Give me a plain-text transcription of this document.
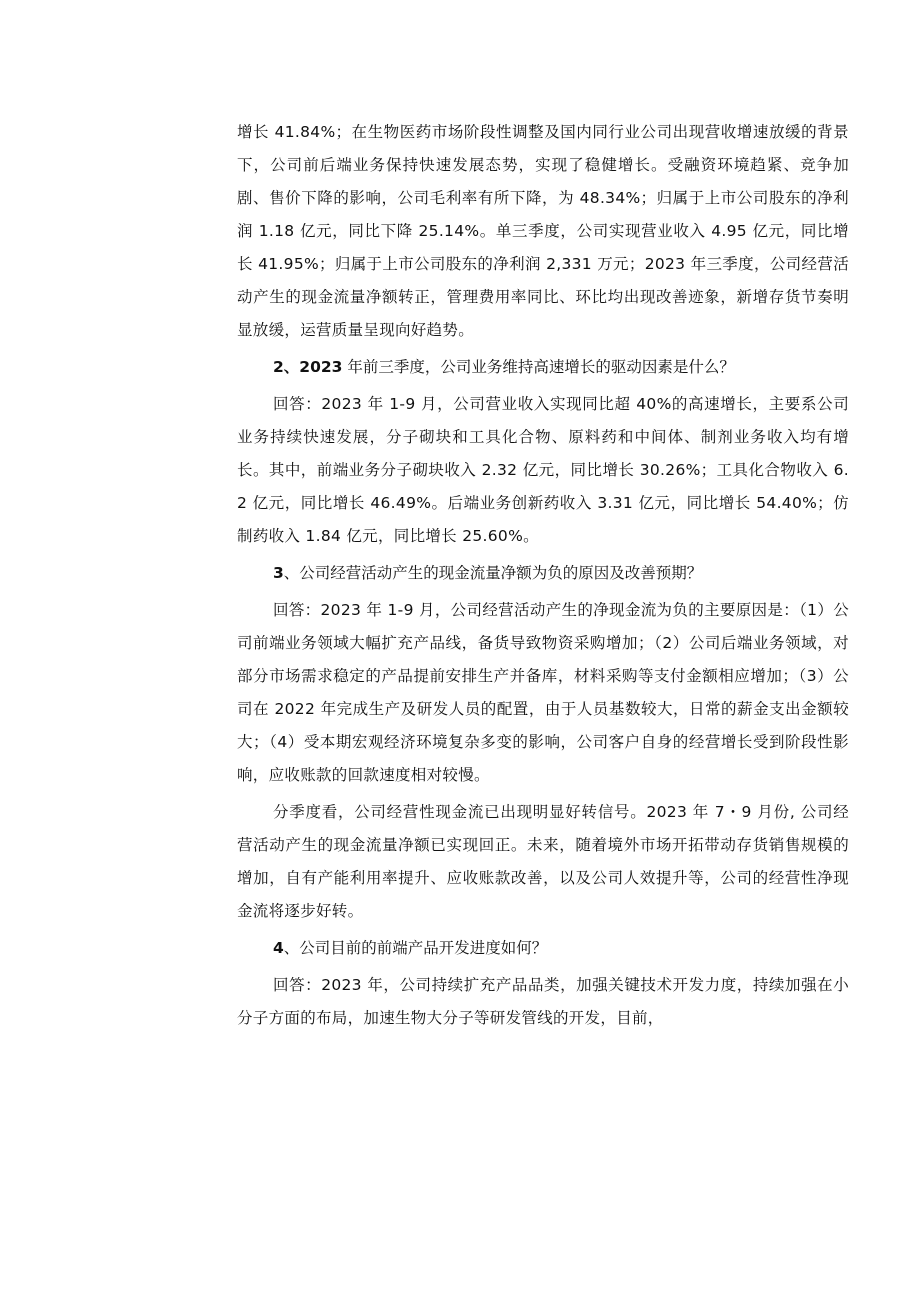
增长 41.84%；在生物医药市场阶段性调整及国内同行业公司出现营收增速放缓的背景下，公司前后端业务保持快速发展态势，实现了稳健增长。受融资环境趋紧、竞争加剧、售价下降的影响，公司毛利率有所下降，为 48.34%；归属于上市公司股东的净利润 1.18 亿元，同比下降 25.14%。单三季度，公司实现营业收入 4.95 亿元，同比增长 41.95%；归属于上市公司股东的净利润 2,331 万元；2023 年三季度，公司经营活动产生的现金流量净额转正，管理费用率同比、环比均出现改善迹象，新增存货节奏明显放缓，运营质量呈现向好趋势。

2、2023 年前三季度，公司业务维持高速增长的驱动因素是什么？

回答：2023 年 1-9 月，公司营业收入实现同比超 40%的高速增长，主要系公司业务持续快速发展，分子砌块和工具化合物、原料药和中间体、制剂业务收入均有增长。其中，前端业务分子砌块收入 2.32 亿元，同比增长 30.26%；工具化合物收入 6.2 亿元，同比增长 46.49%。后端业务创新药收入 3.31 亿元，同比增长 54.40%；仿制药收入 1.84 亿元，同比增长 25.60%。

3、公司经营活动产生的现金流量净额为负的原因及改善预期？

回答：2023 年 1-9 月，公司经营活动产生的净现金流为负的主要原因是：（1）公司前端业务领域大幅扩充产品线，备货导致物资采购增加；（2）公司后端业务领域，对部分市场需求稳定的产品提前安排生产并备库，材料采购等支付金额相应增加；（3）公司在 2022 年完成生产及研发人员的配置，由于人员基数较大，日常的薪金支出金额较大；（4）受本期宏观经济环境复杂多变的影响，公司客户自身的经营增长受到阶段性影响，应收账款的回款速度相对较慢。

分季度看，公司经营性现金流已出现明显好转信号。2023 年 7・9 月份, 公司经营活动产生的现金流量净额已实现回正。未来，随着境外市场开拓带动存货销售规模的增加，自有产能利用率提升、应收账款改善，以及公司人效提升等，公司的经营性净现金流将逐步好转。

4、公司目前的前端产品开发进度如何？

回答：2023 年，公司持续扩充产品品类，加强关键技术开发力度，持续加强在小分子方面的布局，加速生物大分子等研发管线的开发，目前，
